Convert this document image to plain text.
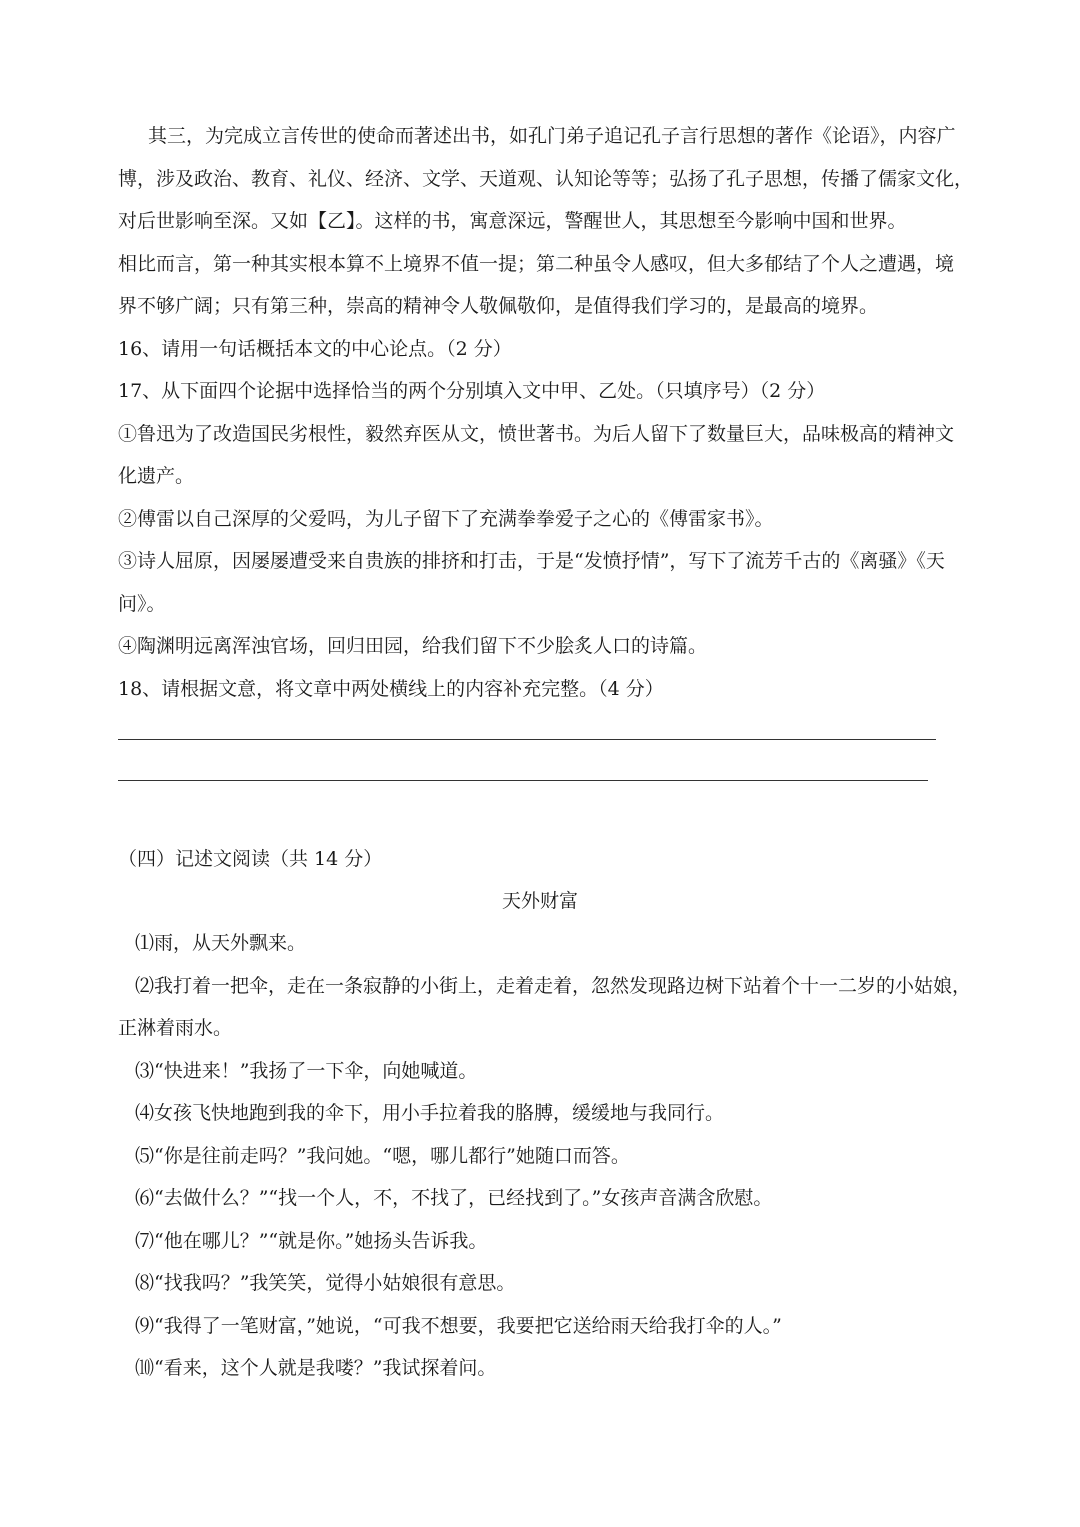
其三，为完成立言传世的使命而著述出书，如孔门弟子追记孔子言行思想的著作《论语》，内容广
博，涉及政治、教育、礼仪、经济、文学、天道观、认知论等等；弘扬了孔子思想，传播了儒家文化，
对后世影响至深。又如【乙】。这样的书，寓意深远，警醒世人，其思想至今影响中国和世界。
相比而言，第一种其实根本算不上境界不值一提；第二种虽令人感叹，但大多郁结了个人之遭遇，境
界不够广阔；只有第三种，崇高的精神令人敬佩敬仰，是值得我们学习的，是最高的境界。
16、请用一句话概括本文的中心论点。（2 分）
17、从下面四个论据中选择恰当的两个分别填入文中甲、乙处。（只填序号）（2 分）
①鲁迅为了改造国民劣根性，毅然弃医从文，愤世著书。为后人留下了数量巨大，品味极高的精神文
化遗产。
②傅雷以自己深厚的父爱吗，为儿子留下了充满拳拳爱子之心的《傅雷家书》。
③诗人屈原，因屡屡遭受来自贵族的排挤和打击，于是“发愤抒情”，写下了流芳千古的《离骚》《天
问》。
④陶渊明远离浑浊官场，回归田园，给我们留下不少脍炙人口的诗篇。
18、请根据文意，将文章中两处横线上的内容补充完整。（4 分）
（四）记述文阅读（共 14 分）
天外财富
⑴雨，从天外飘来。
⑵我打着一把伞，走在一条寂静的小街上，走着走着，忽然发现路边树下站着个十一二岁的小姑娘，
正淋着雨水。
⑶“快进来！”我扬了一下伞，向她喊道。
⑷女孩飞快地跑到我的伞下，用小手拉着我的胳膊，缓缓地与我同行。
⑸“你是往前走吗？”我问她。“嗯，哪儿都行”她随口而答。
⑹“去做什么？”“找一个人，不，不找了，已经找到了。”女孩声音满含欣慰。
⑺“他在哪儿？”“就是你。”她扬头告诉我。
⑻“找我吗？”我笑笑，觉得小姑娘很有意思。
⑼“我得了一笔财富，”她说，“可我不想要，我要把它送给雨天给我打伞的人。”
⑽“看来，这个人就是我喽？”我试探着问。
